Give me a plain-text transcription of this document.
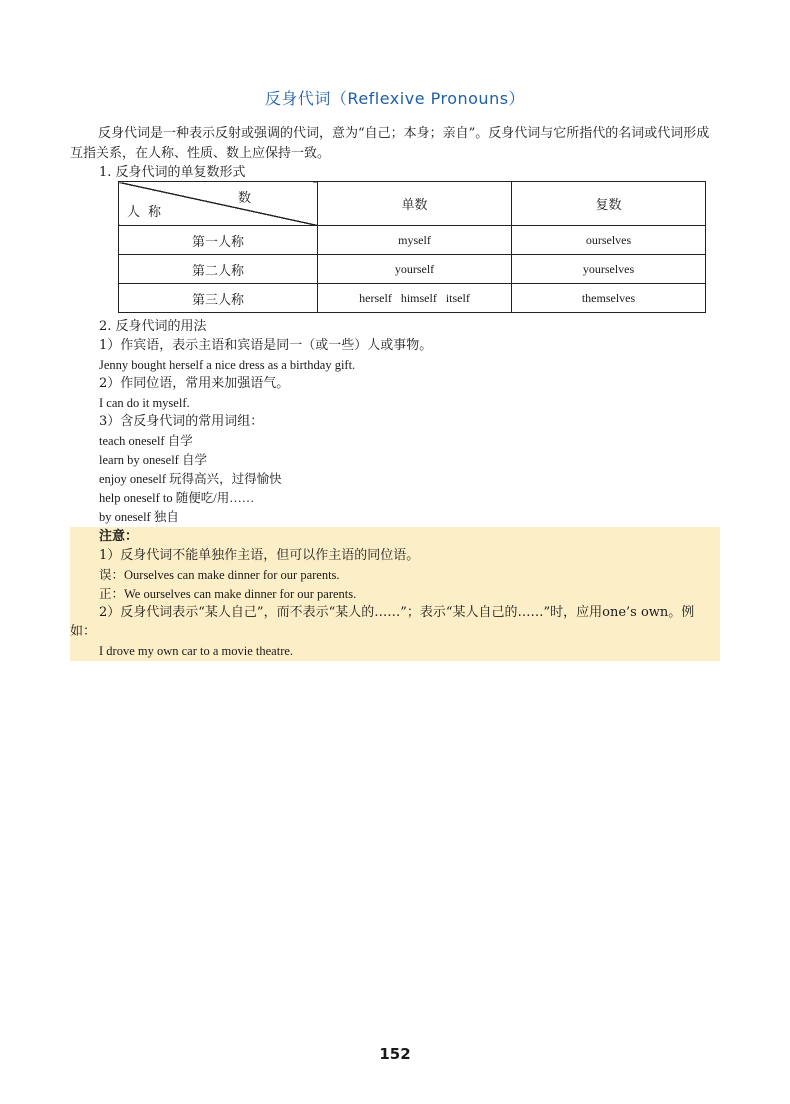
反身代词（Reflexive Pronouns）
反身代词是一种表示反射或强调的代词，意为“自己；本身；亲自”。反身代词与它所指代的名词或代词形成互指关系，在人称、性质、数上应保持一致。
1. 反身代词的单复数形式
数
人称	单数	复数
第一人称	myself	ourselves
第二人称	yourself	yourselves
第三人称	herself   himself   itself	themselves
2. 反身代词的用法
1）作宾语，表示主语和宾语是同一（或一些）人或事物。
Jenny bought herself a nice dress as a birthday gift.
2）作同位语，常用来加强语气。
I can do it myself.
3）含反身代词的常用词组：
teach oneself 自学
learn by oneself 自学
enjoy oneself 玩得高兴，过得愉快
help oneself to 随便吃/用……
by oneself 独自
注意：
1）反身代词不能单独作主语，但可以作主语的同位语。
误：Ourselves can make dinner for our parents.
正：We ourselves can make dinner for our parents.
2）反身代词表示“某人自己”，而不表示“某人的……”；表示“某人自己的……”时，应用one’s own。例如：
I drove my own car to a movie theatre.
152
